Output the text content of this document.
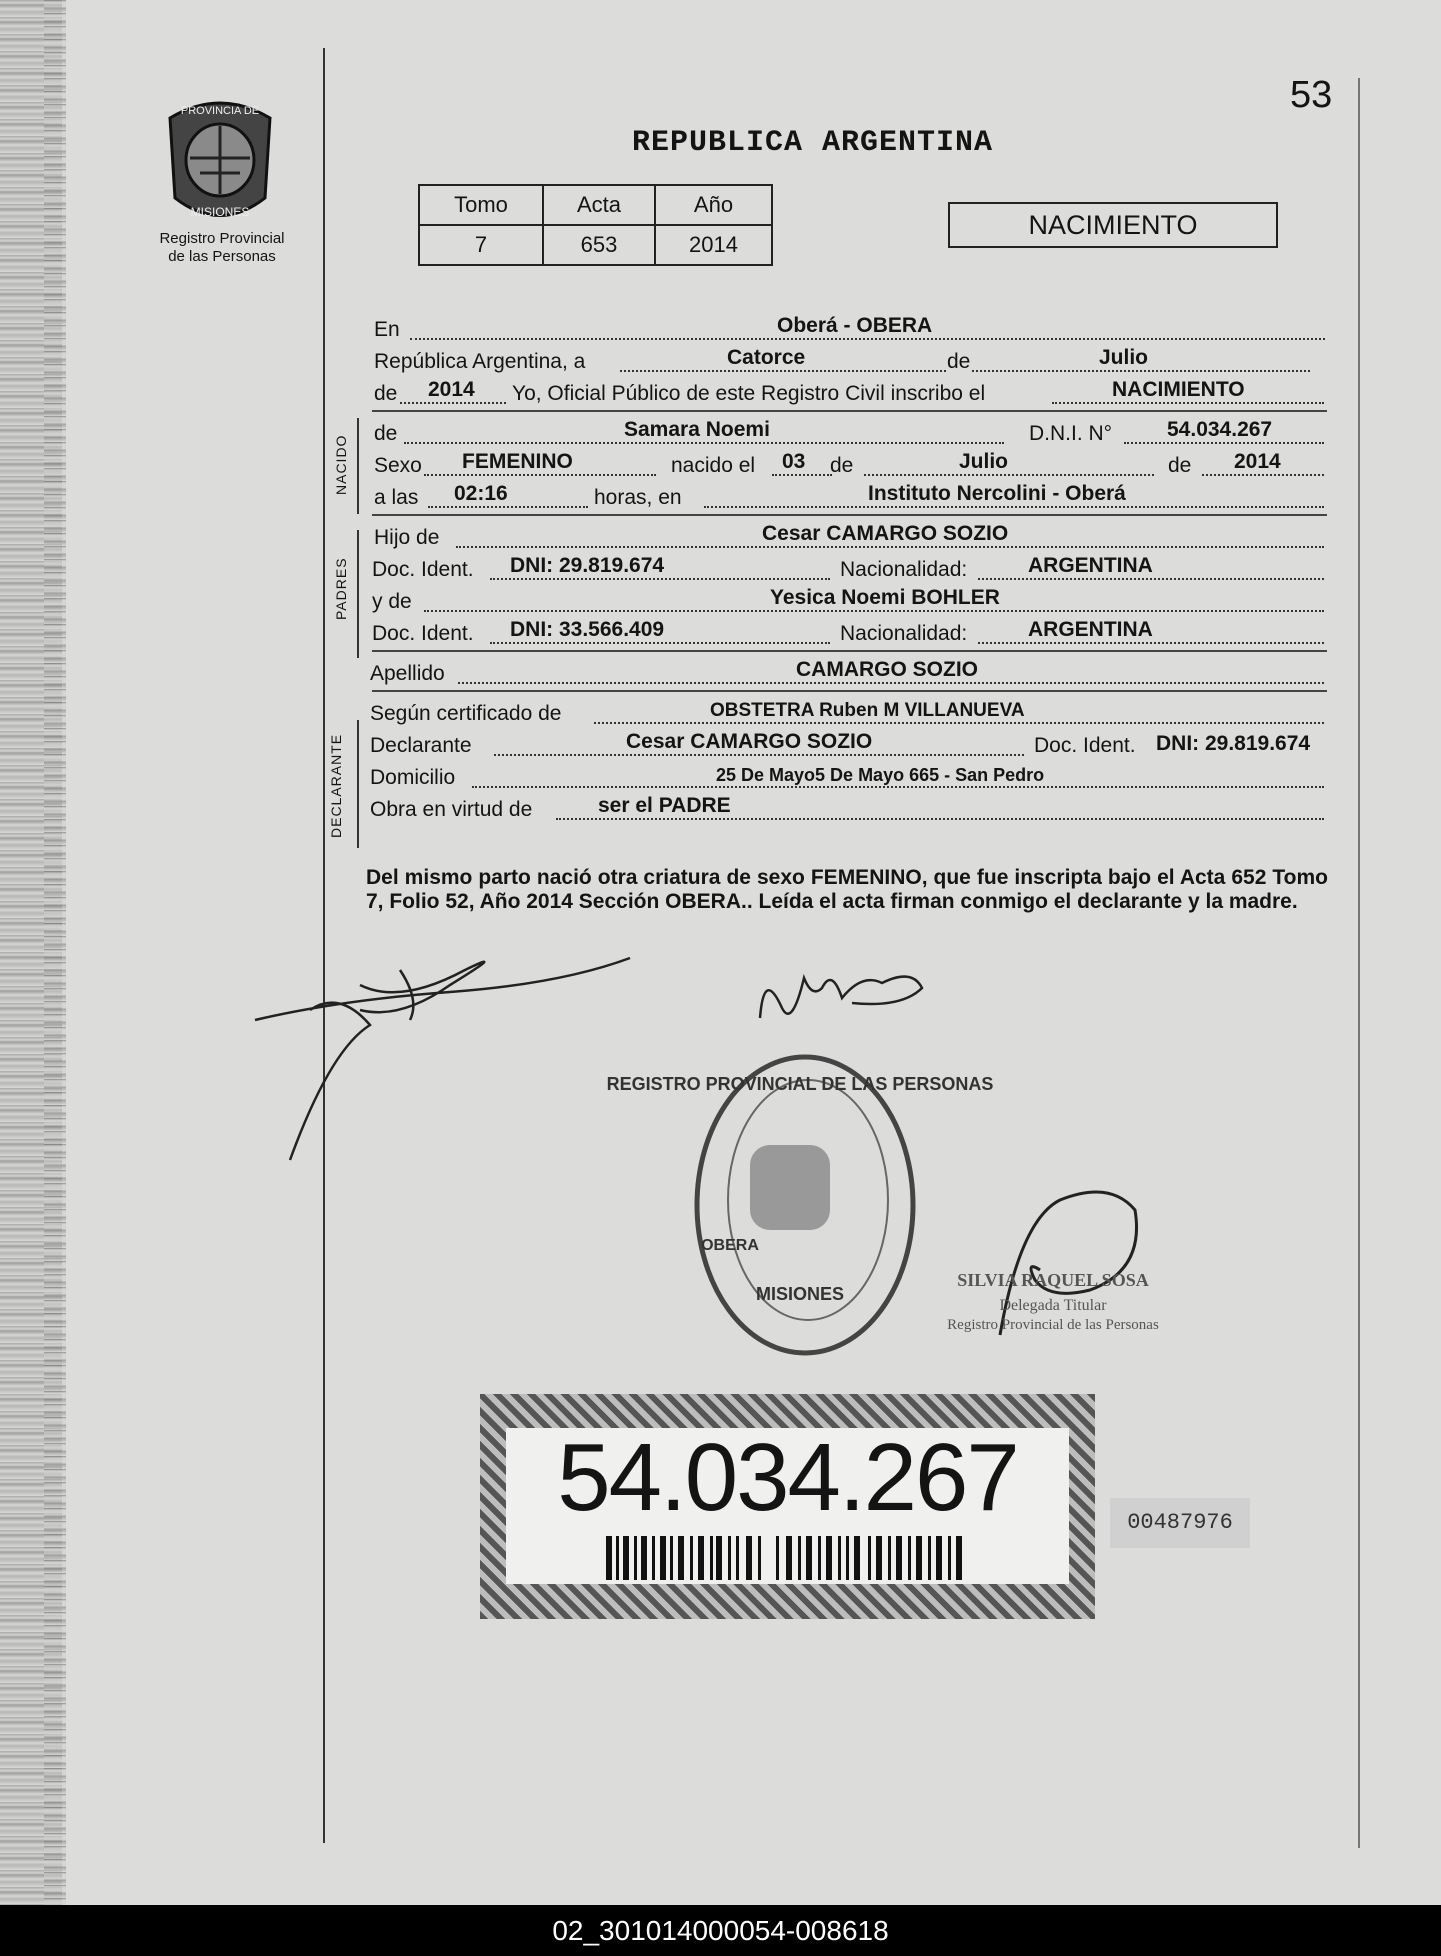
PROVINCIA DE
MISIONES
Registro Provincial
de las Personas
53
REPUBLICA ARGENTINA
Tomo	Acta	Año
7	653	2014
NACIMIENTO
En	Oberá - OBERA
República Argentina, a	Catorce	de	Julio
de 2014 Yo, Oficial Público de este Registro Civil inscribo el	NACIMIENTO
de	Samara Noemi	D.N.I. N°	54.034.267
Sexo FEMENINO	nacido el 03 de	Julio	de 2014
a las 02:16	horas, en	Instituto Nercolini - Oberá
Hijo de	Cesar CAMARGO SOZIO
Doc. Ident. DNI: 29.819.674	Nacionalidad:	ARGENTINA
y de	Yesica Noemi BOHLER
Doc. Ident. DNI: 33.566.409	Nacionalidad:	ARGENTINA
Apellido	CAMARGO SOZIO
Según certificado de	OBSTETRA Ruben M VILLANUEVA
Declarante	Cesar CAMARGO SOZIO	Doc. Ident. DNI: 29.819.674
Domicilio	25 De Mayo5 De Mayo 665 - San Pedro
Obra en virtud de	ser el PADRE
NACIDO
PADRES
DECLARANTE
Del mismo parto nació otra criatura de sexo FEMENINO, que fue inscripta bajo el Acta 652 Tomo 7, Folio 52, Año 2014 Sección OBERA.. Leída el acta firman conmigo el declarante y la madre.
REGISTRO PROVINCIAL DE LAS PERSONAS
MISIONES
OBERA
SILVIA RAQUEL SOSA
Delegada Titular
Registro Provincial de las Personas
54.034.267	00487976
02_301014000054-008618
